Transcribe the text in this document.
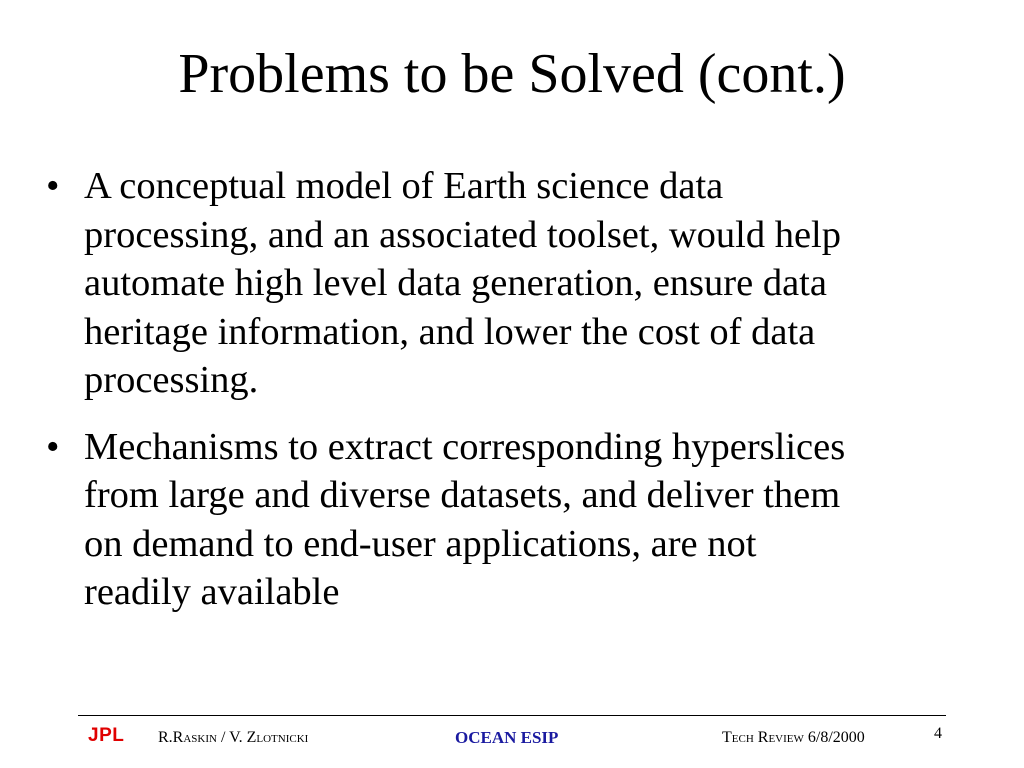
Problems to be Solved (cont.)
• A conceptual model of Earth science data
processing, and an associated toolset, would help
automate high level data generation, ensure data
heritage information, and lower the cost of data
processing.
• Mechanisms to extract corresponding hyperslices
from large and diverse datasets, and deliver them
on demand to end-user applications, are not
readily available
JPL R.Raskin / V. Zlotnicki	OCEAN ESIP	Tech Review 6/8/2000	4
